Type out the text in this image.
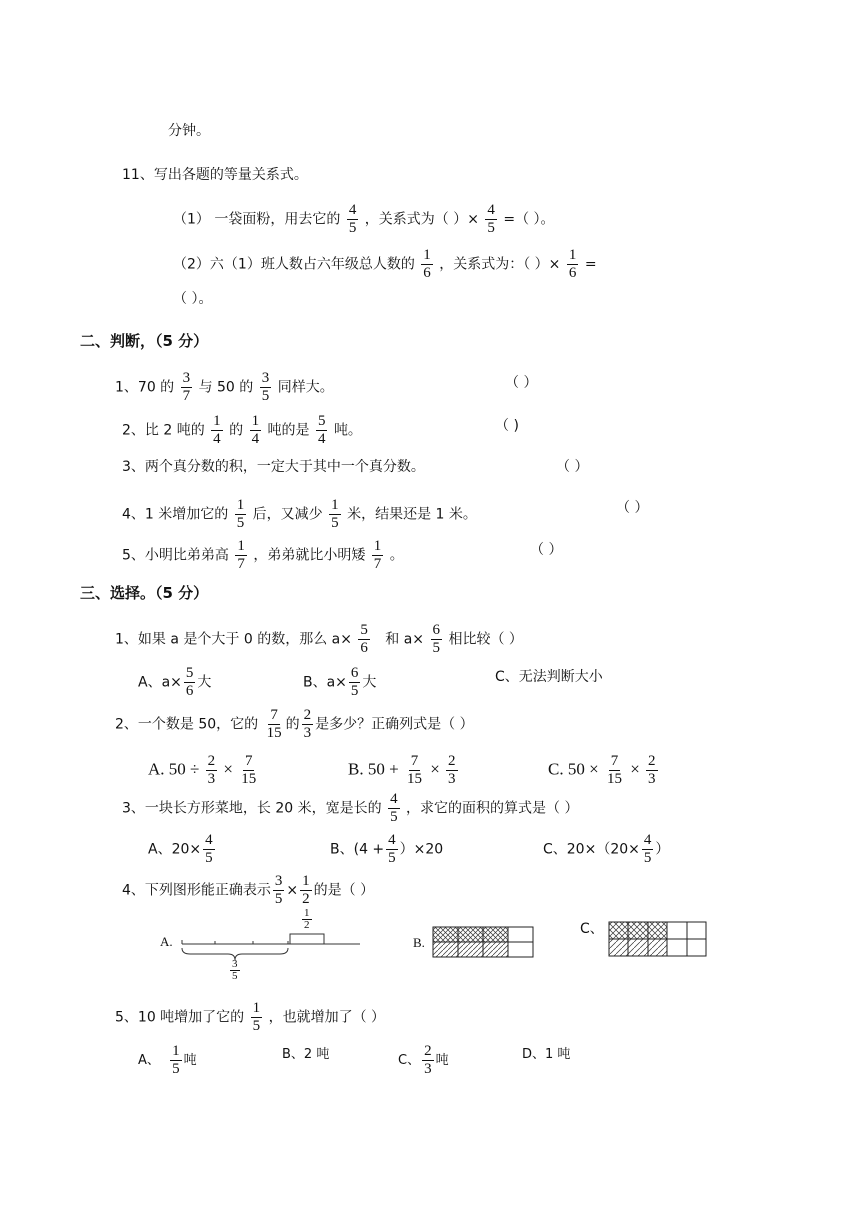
分钟。
11、写出各题的等量关系式。
（1） 一袋面粉，用去它的 $\frac{4}{5}$ ，关系式为（ ）× $\frac{4}{5}$ =（ ）。
（2）六（1）班人数占六年级总人数的 $\frac{1}{6}$ ，关系式为：（ ）× $\frac{1}{6}$ =
（ ）。
二、判断，（5 分）
1、70 的 $\frac{3}{7}$ 与 50 的 $\frac{3}{5}$ 同样大。	（ ）
2、比 2 吨的 $\frac{1}{4}$ 的 $\frac{1}{4}$ 吨的是 $\frac{5}{4}$ 吨。	（ )
3、两个真分数的积，一定大于其中一个真分数。	（ ）
4、1 米增加它的 $\frac{1}{5}$ 后，又减少 $\frac{1}{5}$ 米，结果还是 1 米。	（ ）
5、小明比弟弟高 $\frac{1}{7}$ ，弟弟就比小明矮 $\frac{1}{7}$ 。	（ ）
三、选择。（5 分）
1、如果 a 是个大于 0 的数，那么 $a\times \frac{5}{6}$ 和 $a\times \frac{6}{5}$ 相比较（ ）
A、$a\times \frac{5}{6}$ 大	B、$a\times \frac{6}{5}$ 大	C、无法判断大小
2、一个数是 50，它的 $\frac{7}{15}$ 的 $\frac{2}{3}$ 是多少？正确列式是（ ）
A. $50 \div \frac{2}{3} \times \frac{7}{15}$	B. $50 + \frac{7}{15} \times \frac{2}{3}$	C. $50 \times \frac{7}{15} \times \frac{2}{3}$
3、一块长方形菜地，长 20 米，宽是长的 $\frac{4}{5}$ ，求它的面积的算式是（ ）
A、$20\times \frac{4}{5}$	B、$(4 + \frac{4}{5} )\times 20$	C、$20\times(20\times \frac{4}{5}$ ）
4、下列图形能正确表示 $\frac{3}{5} \times \frac{1}{2}$ 的是（ ）
A.
1
2
3
5
B.
C、
5、10 吨增加了它的 $\frac{1}{5}$ ，也就增加了（ ）
A、 $\frac{1}{5}$ 吨	B、2 吨	C、 $\frac{2}{3}$ 吨	D、1 吨
